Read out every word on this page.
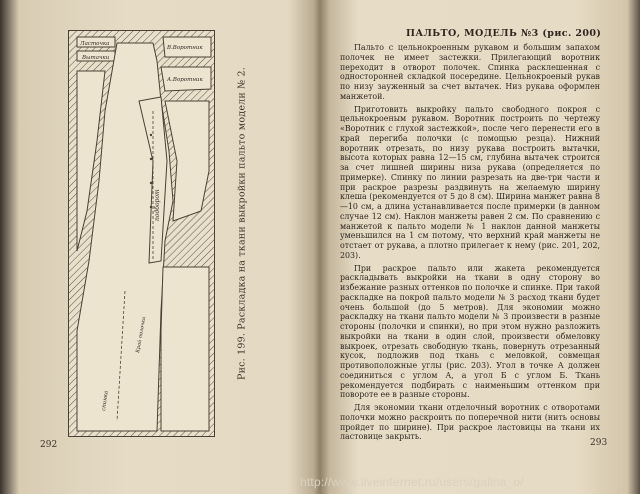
Ласточка
Вытачки
В.Воротник
А.Воротник
подборот
Край полочки
спинка
Рис. 199. Раскладка на ткани выкройки пальто модели № 2.
292
ПАЛЬТО, МОДЕЛЬ №3 (рис. 200)

Пальто с цельнокроенным рукавом и большим запахом полочек не имеет застежки. Прилегающий воротник переходит в отворот полочек. Спинка расклешенная с односторонней складкой посередине. Цельнокроеный рукав по низу зауженный за счет вытачек. Низ рукава оформлен манжетой.

Приготовить выкройку пальто свободного покроя с цельнокроеным рукавом. Воротник построить по чертежу «Воротник с глухой застежкой», после чего перенести его в край перегиба полочки (с помощью резца). Нижний воротник отрезать, по низу рукава построить вытачки, высота которых равна 12—15 см, глубина вытачек строится за счет лишней ширины низа рукава (определяется по примерке). Спинку по линии разрезать на две-три части и при раскрое разрезы раздвинуть на желаемую ширину клеша (рекомендуется от 5 до 8 см). Ширина манжет равна 8—10 см, а длина устанавливается после примерки (в данном случае 12 см). Наклон манжеты равен 2 см. По сравнению с манжетой к пальто модели № 1 наклон данной манжеты уменьшился на 1 см потому, что верхний край манжеты не отстает от рукава, а плотно прилегает к нему (рис. 201, 202, 203).

При раскрое пальто или жакета рекомендуется раскладывать выкройки на ткани в одну сторону во избежание разных оттенков по полочке и спинке. При такой раскладке на покрой пальто модели № 3 расход ткани будет очень большой (до 5 метров). Для экономии можно раскладку на ткани пальто модели № 3 произвести в разные стороны (полочки и спинки), но при этом нужно разложить выкройки на ткани в один слой, произвести обмеловку выкроек, отрезать свободную ткань, повернуть отрезанный кусок, подложив под ткань с меловкой, совмещая противоположные углы (рис. 203). Угол в точке А должен соединиться с углом А, а угол Б с углом Б. Ткань рекомендуется подбирать с наименьшим оттенком при повороте ее в разные стороны.

Для экономии ткани отделочный воротник с отворотами полочки можно раскроить по поперечной нити (нить основы пройдет по ширине). При раскрое ластовицы на ткани их ластовице закрыть.

293
http://www.liveinternet.ru/users/galina_o/
